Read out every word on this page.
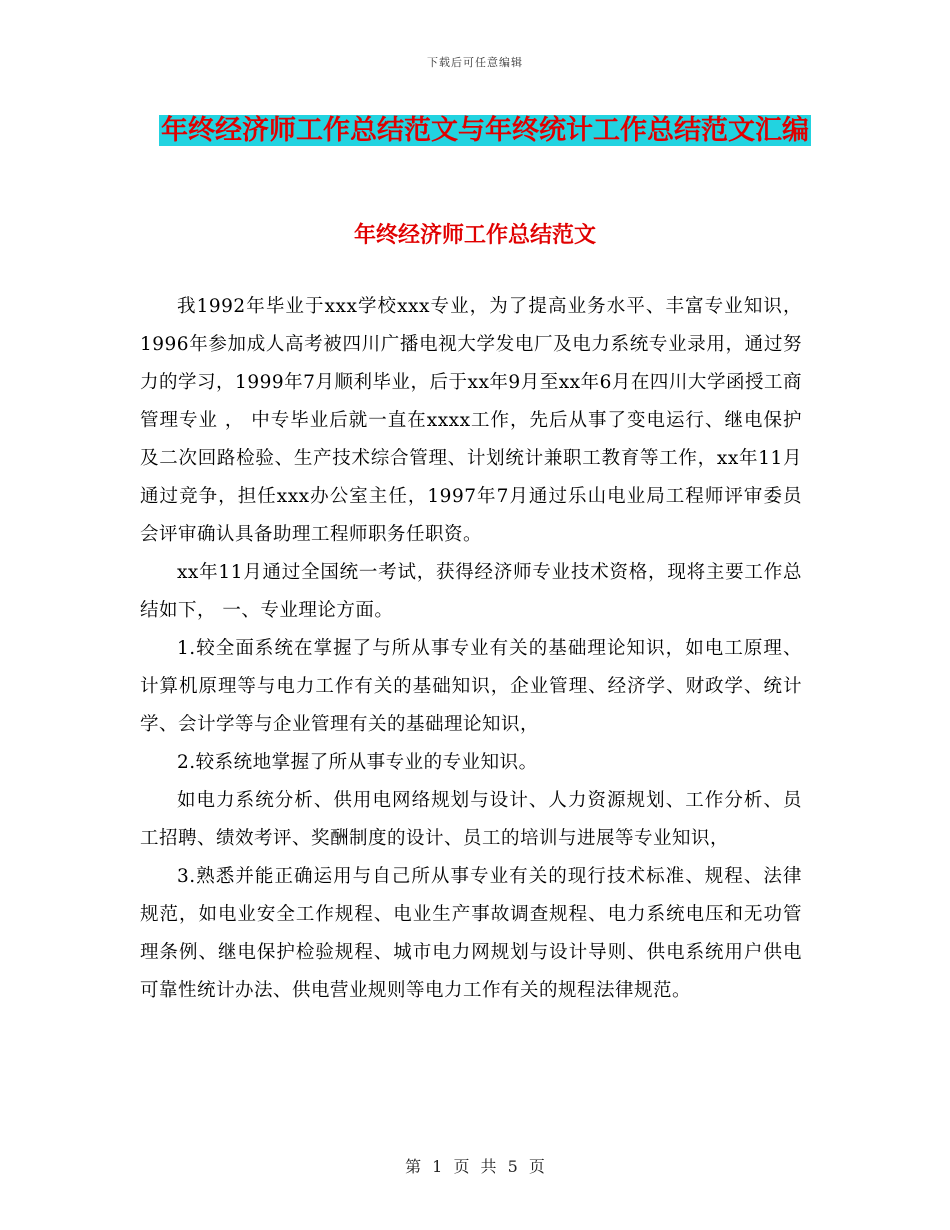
下载后可任意编辑
年终经济师工作总结范文与年终统计工作总结范文汇编
年终经济师工作总结范文

我1992年毕业于xxx学校xxx专业，为了提高业务水平、丰富专业知识，1996年参加成人高考被四川广播电视大学发电厂及电力系统专业录用，通过努力的学习，1999年7月顺利毕业，后于xx年9月至xx年6月在四川大学函授工商管理专业 ， 中专毕业后就一直在xxxx工作，先后从事了变电运行、继电保护及二次回路检验、生产技术综合管理、计划统计兼职工教育等工作，xx年11月通过竞争，担任xxx办公室主任，1997年7月通过乐山电业局工程师评审委员会评审确认具备助理工程师职务任职资。

xx年11月通过全国统一考试，获得经济师专业技术资格，现将主要工作总结如下， 一、专业理论方面。

1.较全面系统在掌握了与所从事专业有关的基础理论知识，如电工原理、计算机原理等与电力工作有关的基础知识，企业管理、经济学、财政学、统计学、会计学等与企业管理有关的基础理论知识，

2.较系统地掌握了所从事专业的专业知识。

如电力系统分析、供用电网络规划与设计、人力资源规划、工作分析、员工招聘、绩效考评、奖酬制度的设计、员工的培训与进展等专业知识，

3.熟悉并能正确运用与自己所从事专业有关的现行技术标准、规程、法律规范，如电业安全工作规程、电业生产事故调查规程、电力系统电压和无功管理条例、继电保护检验规程、城市电力网规划与设计导则、供电系统用户供电可靠性统计办法、供电营业规则等电力工作有关的规程法律规范。

第 1 页 共 5 页
